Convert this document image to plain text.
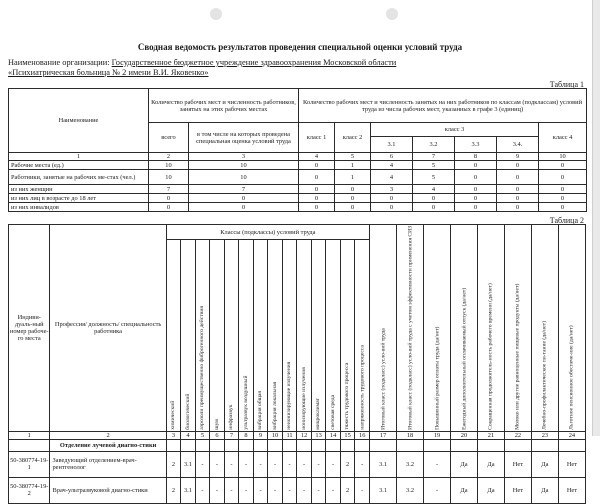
Сводная ведомость результатов проведения специальной оценки условий труда
Наименование организации: Государственное бюджетное учреждение здравоохранения Московской области «Психиатрическая больница № 2 имени В.И. Яковенко»
Таблица 1
Наименование	Количество рабочих мест и численность работников, занятых на этих рабочих местах		Количество рабочих мест и численность занятых на них работников по классам (подклассам) условий труда из числа рабочих мест, указанных в графе 3 (единиц)						
	всего	в том числе на которых проведена специальная оценка условий труда	класс 1	класс 2	класс 3				класс 4
					3.1	3.2	3.3	3.4.	
1	2	3	4	5	6	7	8	9	10
Рабочие места (ед.)	10	10	0	1	4	5	0	0	0
Работники, занятые на рабочих ме-стах (чел.)	10	10	0	1	4	5	0	0	0
из них женщин	7	7	0	0	3	4	0	0	0
из них лиц в возрасте до 18 лет	0	0	0	0	0	0	0	0	0
из них инвалидов	0	0	0	0	0	0	0	0	0
Таблица 2
Индиви-дуаль-ный номер рабоче-го места	Профессия/ должность/ специальность работника	Классы (подклассы) условий труда														Итоговый класс (подкласс) усло-вий труда	Итоговый класс (подкласс) усло-вий труда с учетом эффективности применения СИЗ	Повышенный размер оплаты труда (да/нет)	Ежегодный дополнительный оплачиваемый отпуск (да/нет)	Сокращенная продолжитель-ность рабочего времени (да/нет)	Молоко или другие равноценные пищевые продукты (да/нет)	Лечебно-профилактическое пи-тание (да/нет)	Льготное пенсионное обеспече-ние (да/нет)
		химический	биологический	аэрозоли преимущественно фиброгенного действия	шум	инфразвук	ультразвук воздушный	вибрация общая	вибрация локальная	неионизирующие излучения	ионизирующие излучения	микроклимат	световая среда	тяжесть трудового процесса	напряженность трудового процесса								
1	2	3	4	5	6	7	8	9	10	11	12	13	14	15	16	17	18	19	20	21	22	23	24
	Отделение лучевой диагно-стики																						
50-380774-19-1	Заведующий отделением-врач-рентгенолог	2	3.1	-	-	-	-	-	-	-	-	-	-	2	-	3.1	3.2	-	Да	Да	Нет	Да	Нет
50-380774-19-2	Врач-ультразвуковой диагно-стики	2	3.1	-	-	-	-	-	-	-	-	-	-	2	-	3.1	3.2	-	Да	Да	Нет	Да	Нет
